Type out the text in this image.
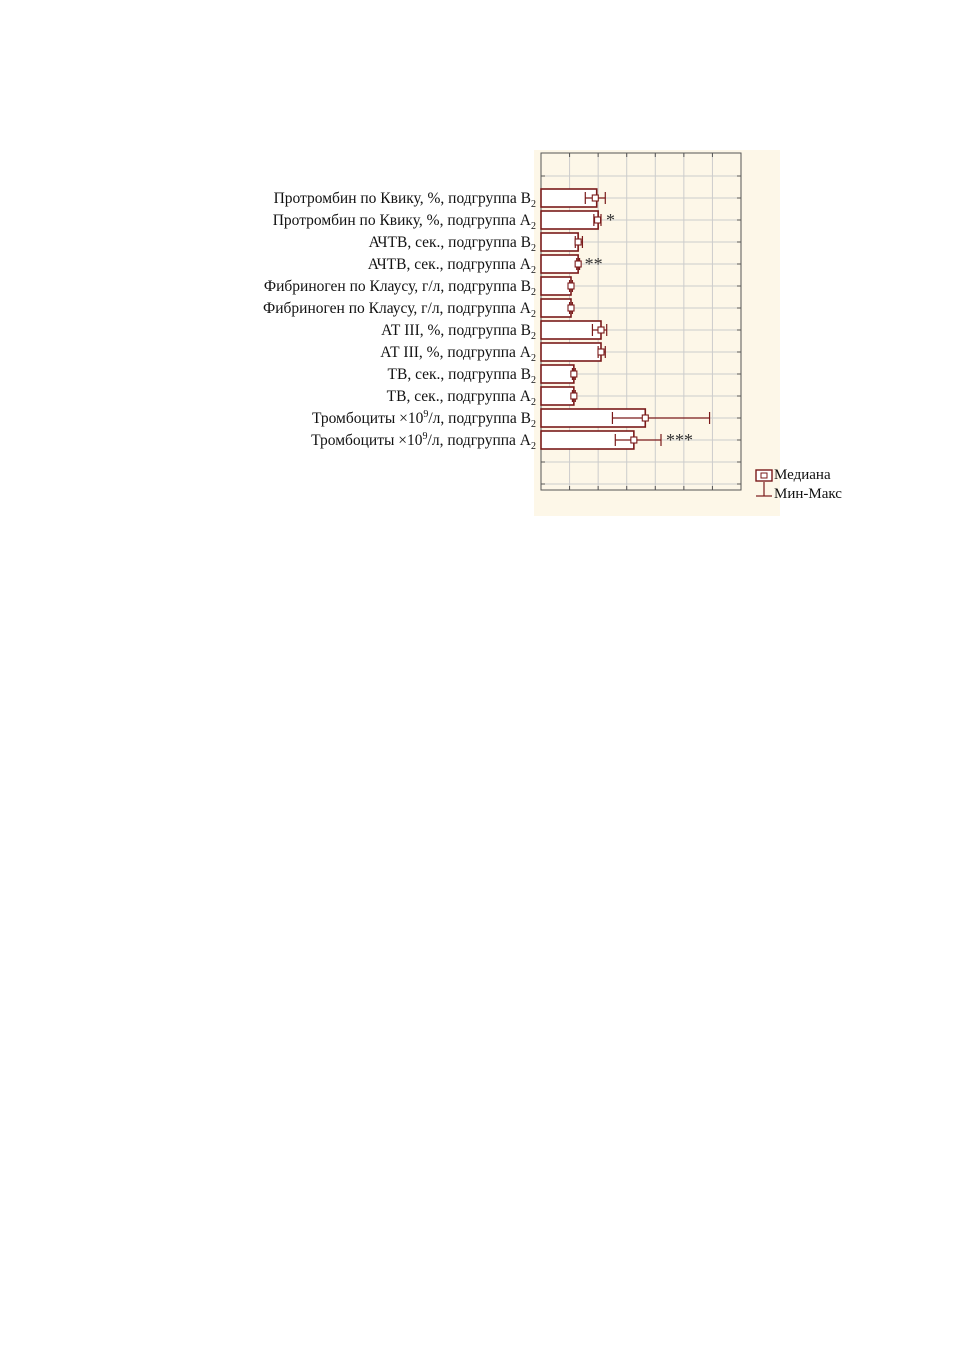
*
**
***
Протромбин по Квику, %, подгруппа $В_2$
Протромбин по Квику, %, подгруппа $А_2$
АЧТВ, сек., подгруппа $В_2$
АЧТВ, сек., подгруппа $А_2$
Фибриноген по Клаусу, г/л, подгруппа $В_2$
Фибриноген по Клаусу, г/л, подгруппа $А_2$
АТ III, %, подгруппа $В_2$
АТ III, %, подгруппа $А_2$
ТВ, сек., подгруппа $В_2$
ТВ, сек., подгруппа $А_2$
Тромбоциты $\times 10^9/л$, подгруппа $В_2$
Тромбоциты $\times 10^9/л$, подгруппа $А_2$
Медиана
Мин-Макс
